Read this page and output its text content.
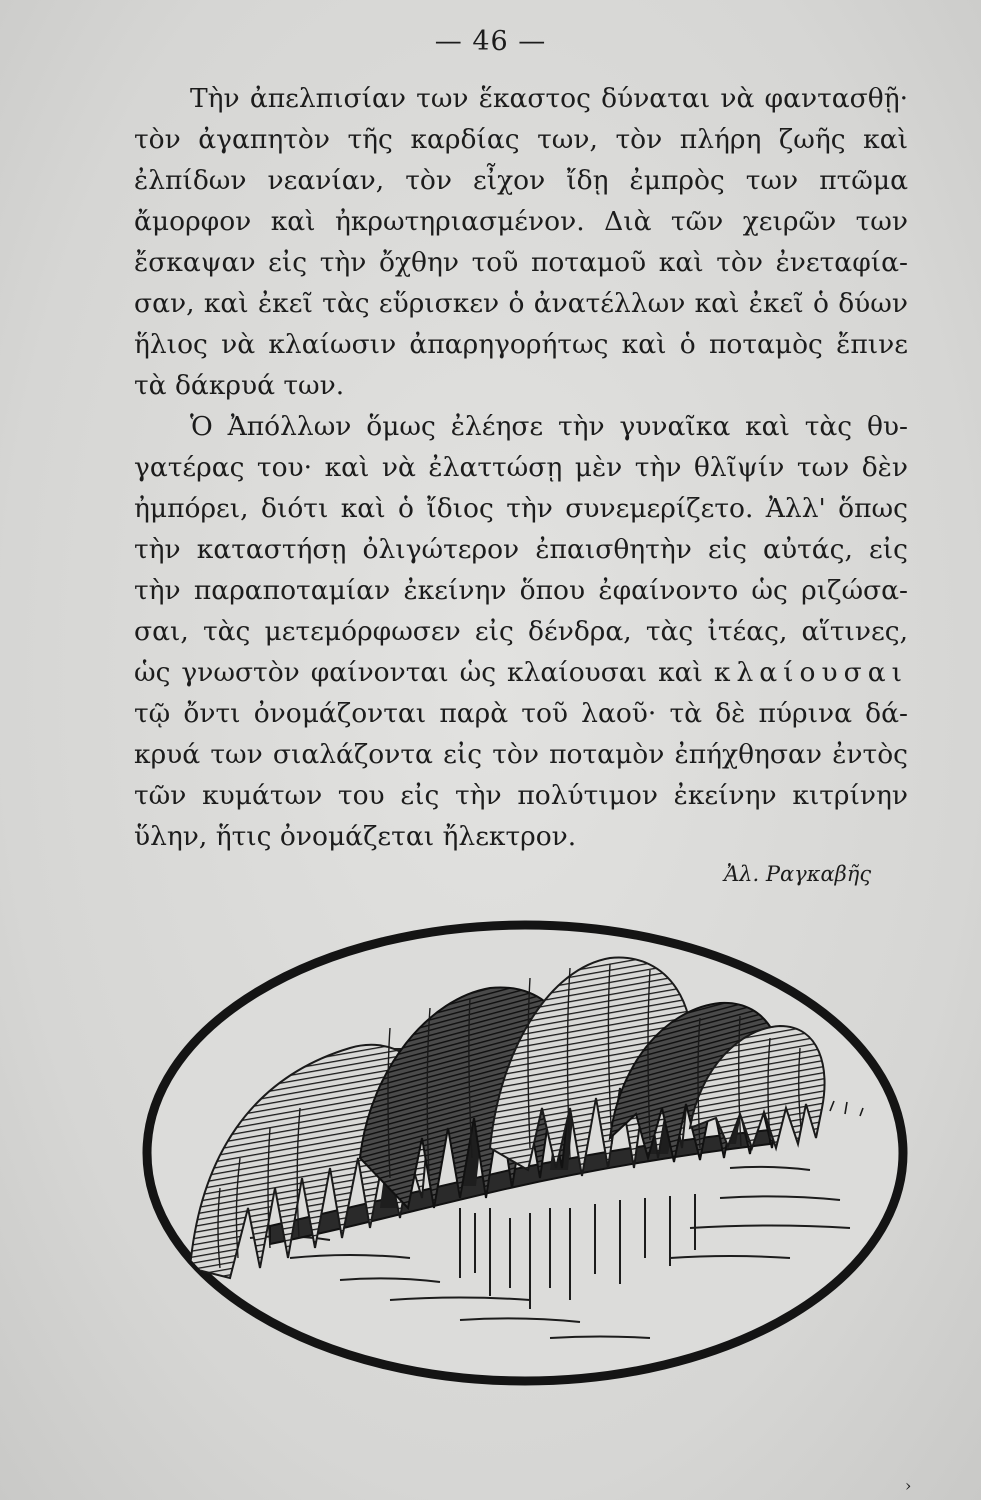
— 46 —
Τὴν ἀπελπισίαν των ἕκαστος δύναται νὰ φαντασθῇ·
τὸν ἀγαπητὸν τῆς καρδίας των, τὸν πλήρη ζωῆς καὶ
ἐλπίδων νεανίαν, τὸν εἶχον ἴδῃ ἐμπρὸς των πτῶμα
ἄμορφον καὶ ἠκρωτηριασμένον. Διὰ τῶν χειρῶν των
ἔσκαψαν εἰς τὴν ὄχθην τοῦ ποταμοῦ καὶ τὸν ἐνεταφία-
σαν, καὶ ἐκεῖ τὰς εὕρισκεν ὁ ἀνατέλλων καὶ ἐκεῖ ὁ δύων
ἥλιος νὰ κλαίωσιν ἀπαρηγορήτως καὶ ὁ ποταμὸς ἔπινε
τὰ δάκρυά των.
Ὁ Ἀπόλλων ὅμως ἐλέησε τὴν γυναῖκα καὶ τὰς θυ-
γατέρας του· καὶ νὰ ἐλαττώσῃ μὲν τὴν θλῖψίν των δὲν
ἠμπόρει, διότι καὶ ὁ ἴδιος τὴν συνεμερίζετο. Ἀλλ' ὅπως
τὴν καταστήσῃ ὀλιγώτερον ἐπαισθητὴν εἰς αὐτάς, εἰς
τὴν παραποταμίαν ἐκείνην ὅπου ἐφαίνοντο ὡς ριζώσα-
σαι, τὰς μετεμόρφωσεν εἰς δένδρα, τὰς ἰτέας, αἵτινες,
ὡς γνωστὸν φαίνονται ὡς κλαίουσαι καὶ κλαίουσαι
τῷ ὄντι ὀνομάζονται παρὰ τοῦ λαοῦ· τὰ δὲ πύρινα δά-
κρυά των σιαλάζοντα εἰς τὸν ποταμὸν ἐπήχθησαν ἐντὸς
τῶν κυμάτων του εἰς τὴν πολύτιμον ἐκείνην κιτρίνην
ὕλην, ἥτις ὀνομάζεται ἤλεκτρον.
Ἀλ. Ραγκαβῆς
›
